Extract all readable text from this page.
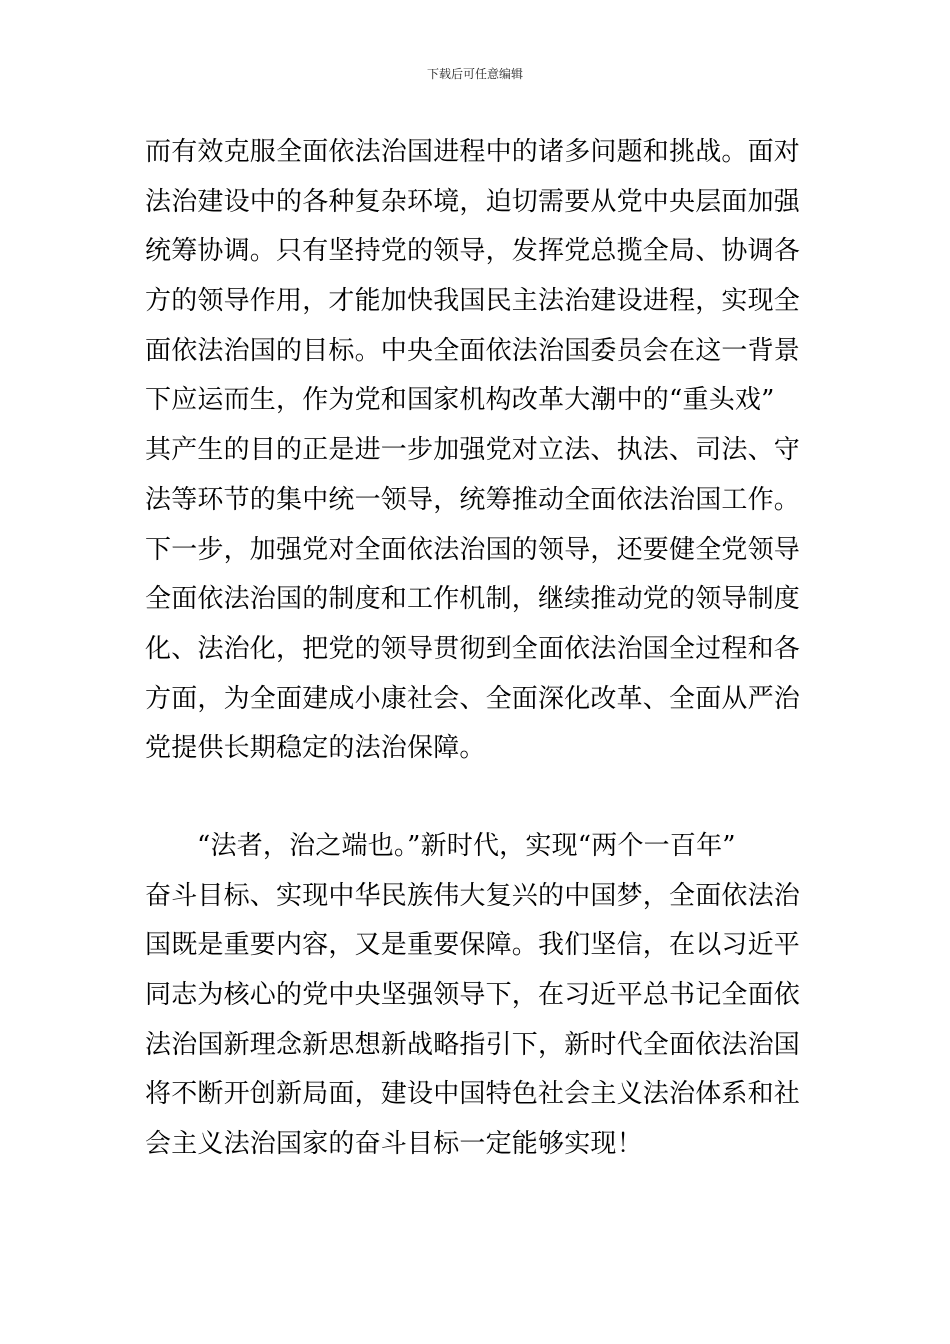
下载后可任意编辑
而有效克服全面依法治国进程中的诸多问题和挑战。面对
法治建设中的各种复杂环境，迫切需要从党中央层面加强
统筹协调。只有坚持党的领导，发挥党总揽全局、协调各
方的领导作用，才能加快我国民主法治建设进程，实现全
面依法治国的目标。中央全面依法治国委员会在这一背景
下应运而生，作为党和国家机构改革大潮中的“重头戏”
其产生的目的正是进一步加强党对立法、执法、司法、守
法等环节的集中统一领导，统筹推动全面依法治国工作。
下一步，加强党对全面依法治国的领导，还要健全党领导
全面依法治国的制度和工作机制，继续推动党的领导制度
化、法治化，把党的领导贯彻到全面依法治国全过程和各
方面，为全面建成小康社会、全面深化改革、全面从严治
党提供长期稳定的法治保障。
“法者，治之端也。”新时代，实现“两个一百年”
奋斗目标、实现中华民族伟大复兴的中国梦，全面依法治
国既是重要内容，又是重要保障。我们坚信，在以习近平
同志为核心的党中央坚强领导下，在习近平总书记全面依
法治国新理念新思想新战略指引下，新时代全面依法治国
将不断开创新局面，建设中国特色社会主义法治体系和社
会主义法治国家的奋斗目标一定能够实现！
